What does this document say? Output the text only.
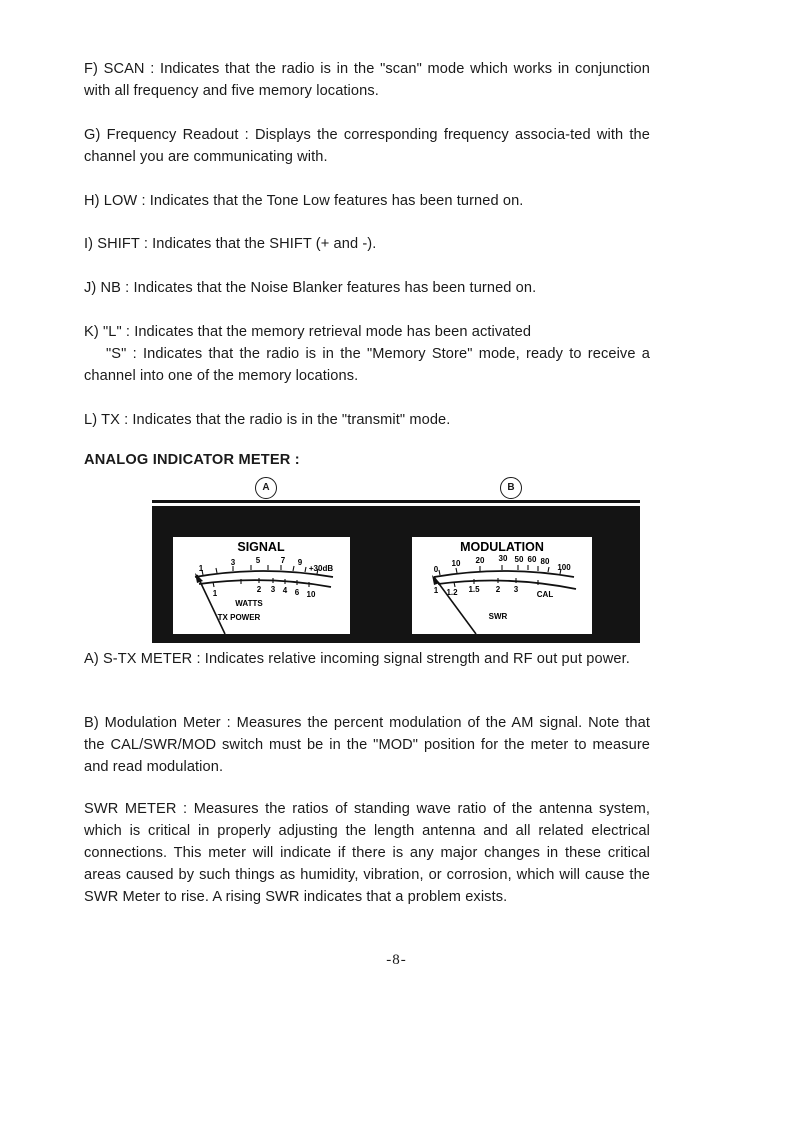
F) SCAN : Indicates that the radio is in the "scan" mode which works in conjunction with all frequency and five memory locations.

G) Frequency Readout : Displays the corresponding frequency associa-ted with the channel you are communicating with.

H) LOW : Indicates that the Tone Low features has been turned on.

I) SHIFT : Indicates that the SHIFT (+ and -).

J) NB : Indicates that the Noise Blanker features has been turned on.

K) "L" : Indicates that the memory retrieval mode has been activated
"S" : Indicates that the radio is in the "Memory Store" mode, ready to receive a channel into one of the memory locations.

L) TX : Indicates that the radio is in the "transmit" mode.

ANALOG INDICATOR METER :
A	B
SIGNAL
1
3	5	7 9
+30dB
1	2 3 4 6 10
WATTS
TX POWER
MODULATION
0
10 20 30 50 60 80
100
1 1.2 1.5 2 3
CAL
SWR

A) S-TX METER : Indicates relative incoming signal strength and RF out put power.

B) Modulation Meter : Measures the percent modulation of the AM signal. Note that the CAL/SWR/MOD switch must be in the "MOD" position for the meter to measure and read modulation.

SWR METER : Measures the ratios of standing wave ratio of the antenna system, which is critical in properly adjusting the length antenna and all related electrical connections. This meter will indicate if there is any major changes in these critical areas caused by such things as humidity, vibration, or corrosion, which will cause the SWR Meter to rise. A rising SWR indicates that a problem exists.

-8-
